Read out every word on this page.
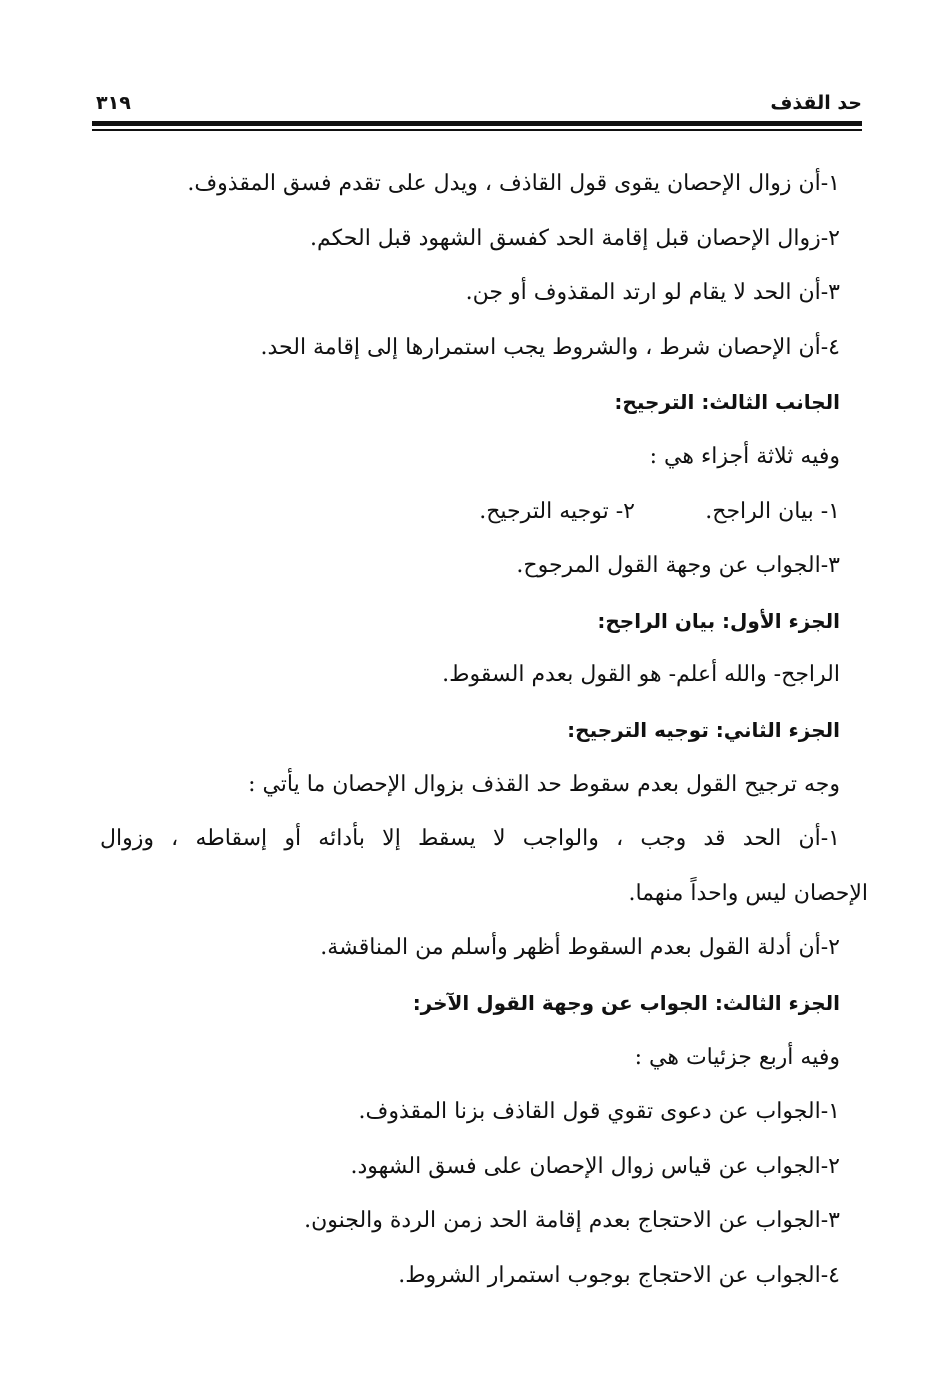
حد القذف
٣١٩
١-أن زوال الإحصان يقوى قول القاذف ، ويدل على تقدم فسق المقذوف.
٢-زوال الإحصان قبل إقامة الحد كفسق الشهود قبل الحكم.
٣-أن الحد لا يقام لو ارتد المقذوف أو جن.
٤-أن الإحصان شرط ، والشروط يجب استمرارها إلى إقامة الحد.
الجانب الثالث: الترجيح:
وفيه ثلاثة أجزاء هي :
١- بيان الراجح.
٢- توجيه الترجيح.
٣-الجواب عن وجهة القول المرجوح.
الجزء الأول: بيان الراجح:
الراجح- والله أعلم- هو القول بعدم السقوط.
الجزء الثاني: توجيه الترجيح:
وجه ترجيح القول بعدم سقوط حد القذف بزوال الإحصان ما يأتي :
١-أن الحد قد وجب ، والواجب لا يسقط إلا بأدائه أو إسقاطه ، وزوال
الإحصان ليس واحداً منهما.
٢-أن أدلة القول بعدم السقوط أظهر وأسلم من المناقشة.
الجزء الثالث: الجواب عن وجهة القول الآخر:
وفيه أربع جزئيات هي :
١-الجواب عن دعوى تقوي قول القاذف بزنا المقذوف.
٢-الجواب عن قياس زوال الإحصان على فسق الشهود.
٣-الجواب عن الاحتجاج بعدم إقامة الحد زمن الردة والجنون.
٤-الجواب عن الاحتجاج بوجوب استمرار الشروط.
